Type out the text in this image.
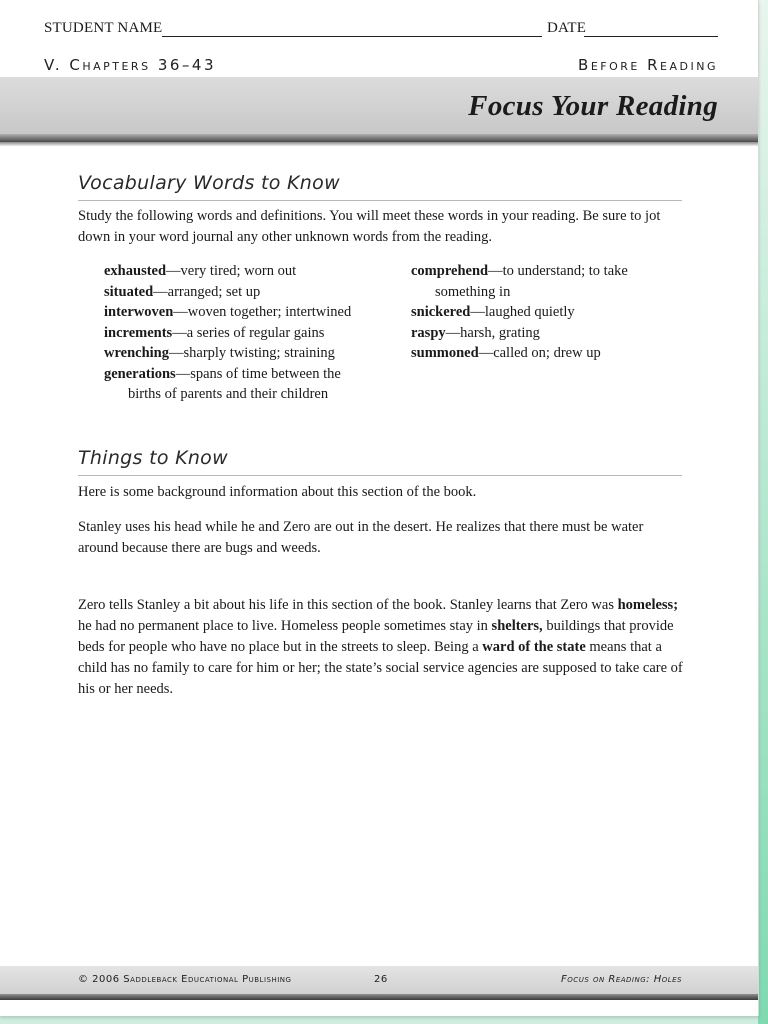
STUDENT NAME	DATE
V. Chapters 36–43	Before Reading
Focus Your Reading
Vocabulary Words to Know
Study the following words and definitions. You will meet these words in your reading. Be sure to jot down in your word journal any other unknown words from the reading.
exhausted—very tired; worn out
situated—arranged; set up
interwoven—woven together; intertwined
increments—a series of regular gains
wrenching—sharply twisting; straining
generations—spans of time between the
births of parents and their children
comprehend—to understand; to take
something in
snickered—laughed quietly
raspy—harsh, grating
summoned—called on; drew up
Things to Know
Here is some background information about this section of the book.
Stanley uses his head while he and Zero are out in the desert. He realizes that there must be water around because there are bugs and weeds.
Zero tells Stanley a bit about his life in this section of the book. Stanley learns that Zero was homeless; he had no permanent place to live. Homeless people sometimes stay in shelters, buildings that provide beds for people who have no place but in the streets to sleep. Being a ward of the state means that a child has no family to care for him or her; the state’s social service agencies are supposed to take care of his or her needs.
© 2006 Saddleback Educational Publishing	26	Focus on Reading: Holes
